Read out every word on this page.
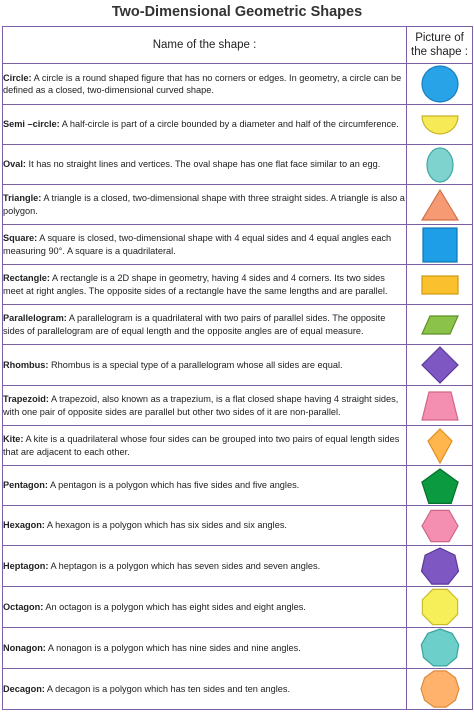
Two-Dimensional Geometric Shapes
Name of the shape :	Picture of the shape :
Circle: A circle is a round shaped figure that has no corners or edges. In geometry, a circle can be defined as a closed, two-dimensional curved shape.	

Semi –circle: A half-circle is part of a circle bounded by a diameter and half of the circumference.	

Oval: It has no straight lines and vertices. The oval shape has one flat face similar to an egg.	

Triangle: A triangle is a closed, two-dimensional shape with three straight sides. A triangle is also a polygon.	

Square: A square is closed, two-dimensional shape with 4 equal sides and 4 equal angles each measuring 90°. A square is a quadrilateral.	

Rectangle: A rectangle is a 2D shape in geometry, having 4 sides and 4 corners. Its two sides meet at right angles. The opposite sides of a rectangle have the same lengths and are parallel.	

Parallelogram: A parallelogram is a quadrilateral with two pairs of parallel sides. The opposite sides of parallelogram are of equal length and the opposite angles are of equal measure.	

Rhombus: Rhombus is a special type of a parallelogram whose all sides are equal.	

Trapezoid: A trapezoid, also known as a trapezium, is a flat closed shape having 4 straight sides, with one pair of opposite sides are parallel but other two sides of it are non-parallel.	

Kite: A kite is a quadrilateral whose four sides can be grouped into two pairs of equal length sides that are adjacent to each other.	

Pentagon: A pentagon is a polygon which has five sides and five angles.	

Hexagon: A hexagon is a polygon which has six sides and six angles.	

Heptagon: A heptagon is a polygon which has seven sides and seven angles.	

Octagon: An octagon is a polygon which has eight sides and eight angles.	

Nonagon: A nonagon is a polygon which has nine sides and nine angles.	

Decagon: A decagon is a polygon which has ten sides and ten angles.	
